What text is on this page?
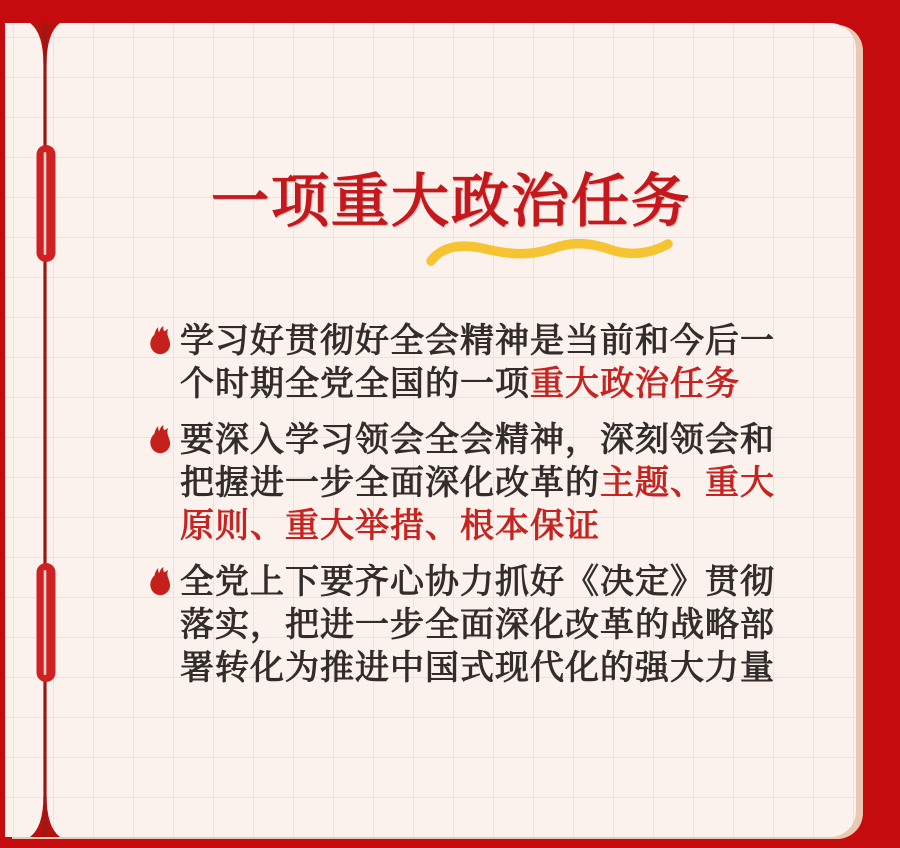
一项重大政治任务
学习好贯彻好全会精神是当前和今后一个时期全党全国的一项重大政治任务
要深入学习领会全会精神，深刻领会和把握进一步全面深化改革的主题、重大原则、重大举措、根本保证
全党上下要齐心协力抓好《决定》贯彻落实，把进一步全面深化改革的战略部署转化为推进中国式现代化的强大力量
